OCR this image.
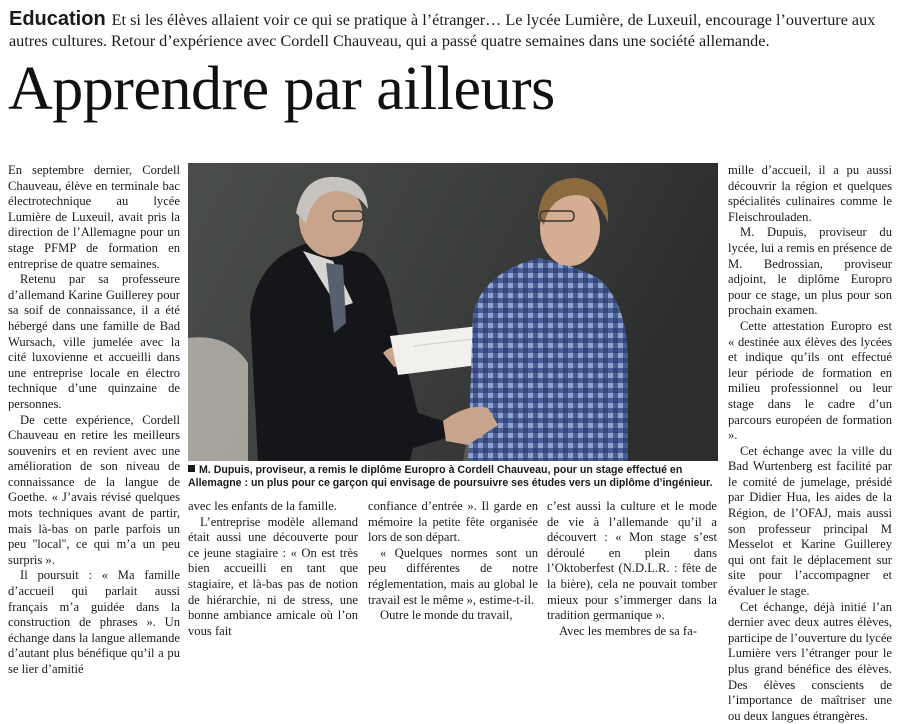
Education Et si les élèves allaient voir ce qui se pratique à l’étranger… Le lycée Lumière, de Luxeuil, encourage l’ouverture aux autres cultures. Retour d’expérience avec Cordell Chauveau, qui a passé quatre semaines dans une société allemande.
Apprendre par ailleurs

En septembre dernier, Cordell Chauveau, élève en terminale bac électrotechnique au lycée Lumière de Luxeuil, avait pris la direction de l’Allemagne pour un stage PFMP de formation en entreprise de quatre semaines.

Retenu par sa professeure d’allemand Karine Guillerey pour sa soif de connaissance, il a été hébergé dans une famille de Bad Wursach, ville jumelée avec la cité luxovienne et accueilli dans une entreprise locale en électro technique d’une quinzaine de personnes.

De cette expérience, Cordell Chauveau en retire les meilleurs souvenirs et en revient avec une amélioration de son niveau de connaissance de la langue de Goethe. « J’avais révisé quelques mots techniques avant de partir, mais là-bas on parle parfois un peu ''local'', ce qui m’a un peu surpris ».

Il poursuit : « Ma famille d’accueil qui parlait aussi français m’a guidée dans la construction de phrases ». Un échange dans la langue allemande d’autant plus bénéfique qu’il a pu se lier d’amitié

M. Dupuis, proviseur, a remis le diplôme Europro à Cordell Chauveau, pour un stage effectué en Allemagne : un plus pour ce garçon qui envisage de poursuivre ses études vers un diplôme d’ingénieur.

avec les enfants de la famille.

L’entreprise modèle allemand était aussi une découverte pour ce jeune stagiaire : « On est très bien accueilli en tant que stagiaire, et là-bas pas de notion de hiérarchie, ni de stress, une bonne ambiance amicale où l’on vous fait

confiance d’entrée ». Il garde en mémoire la petite fête organisée lors de son départ.

« Quelques normes sont un peu différentes de notre réglementation, mais au global le travail est le même », estime-t-il.

Outre le monde du travail,

c’est aussi la culture et le mode de vie à l’allemande qu’il a découvert : « Mon stage s’est déroulé en plein dans l’Oktoberfest (N.D.L.R. : fête de la bière), cela ne pouvait tomber mieux pour s’immerger dans la tradition germanique ».

Avec les membres de sa fa-

mille d’accueil, il a pu aussi découvrir la région et quelques spécialités culinaires comme le Fleischrouladen.

M. Dupuis, proviseur du lycée, lui a remis en présence de M. Bedrossian, proviseur adjoint, le diplôme Europro pour ce stage, un plus pour son prochain examen.

Cette attestation Europro est « destinée aux élèves des lycées et indique qu’ils ont effectué leur période de formation en milieu professionnel ou leur stage dans le cadre d’un parcours européen de formation ».

Cet échange avec la ville du Bad Wurtenberg est facilité par le comité de jumelage, présidé par Didier Hua, les aides de la Région, de l’OFAJ, mais aussi son professeur principal M Messelot et Karine Guillerey qui ont fait le déplacement sur site pour l’accompagner et évaluer le stage.

Cet échange, déjà initié l’an dernier avec deux autres élèves, participe de l’ouverture du lycée Lumière vers l’étranger pour le plus grand bénéfice des élèves. Des élèves conscients de l’importance de maîtriser une ou deux langues étrangères.
